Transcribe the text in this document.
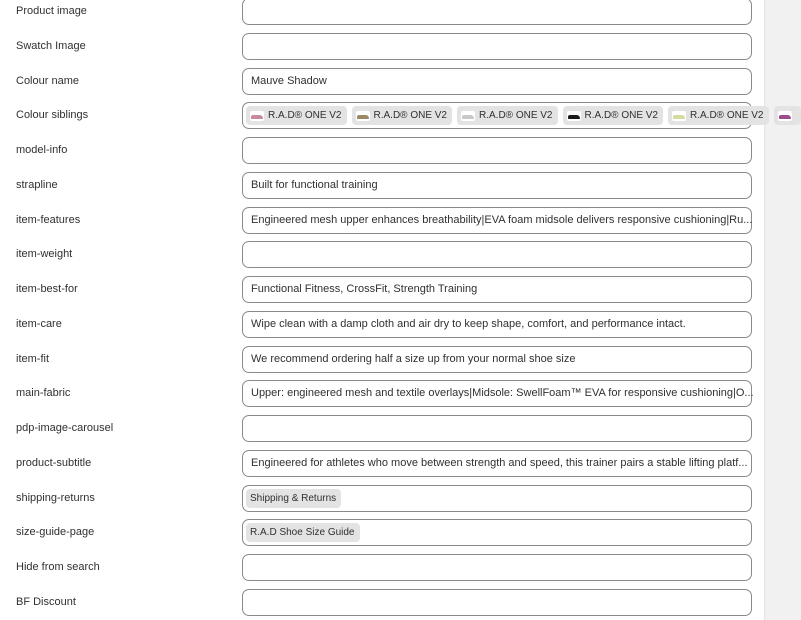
Product image
Swatch Image
Colour name	Mauve Shadow
Colour siblings	R.A.D® ONE V2	R.A.D® ONE V2	R.A.D® ONE V2	R.A.D® ONE V2	R.A.D® ONE V2
model-info
strapline	Built for functional training
item-features	Engineered mesh upper enhances breathability|EVA foam midsole delivers responsive cushioning|Ru...
item-weight
item-best-for	Functional Fitness, CrossFit, Strength Training
item-care	Wipe clean with a damp cloth and air dry to keep shape, comfort, and performance intact.
item-fit	We recommend ordering half a size up from your normal shoe size
main-fabric	Upper: engineered mesh and textile overlays|Midsole: SwellFoam™ EVA for responsive cushioning|O...
pdp-image-carousel
product-subtitle	Engineered for athletes who move between strength and speed, this trainer pairs a stable lifting platf...
shipping-returns	Shipping & Returns
size-guide-page	R.A.D Shoe Size Guide
Hide from search
BF Discount
